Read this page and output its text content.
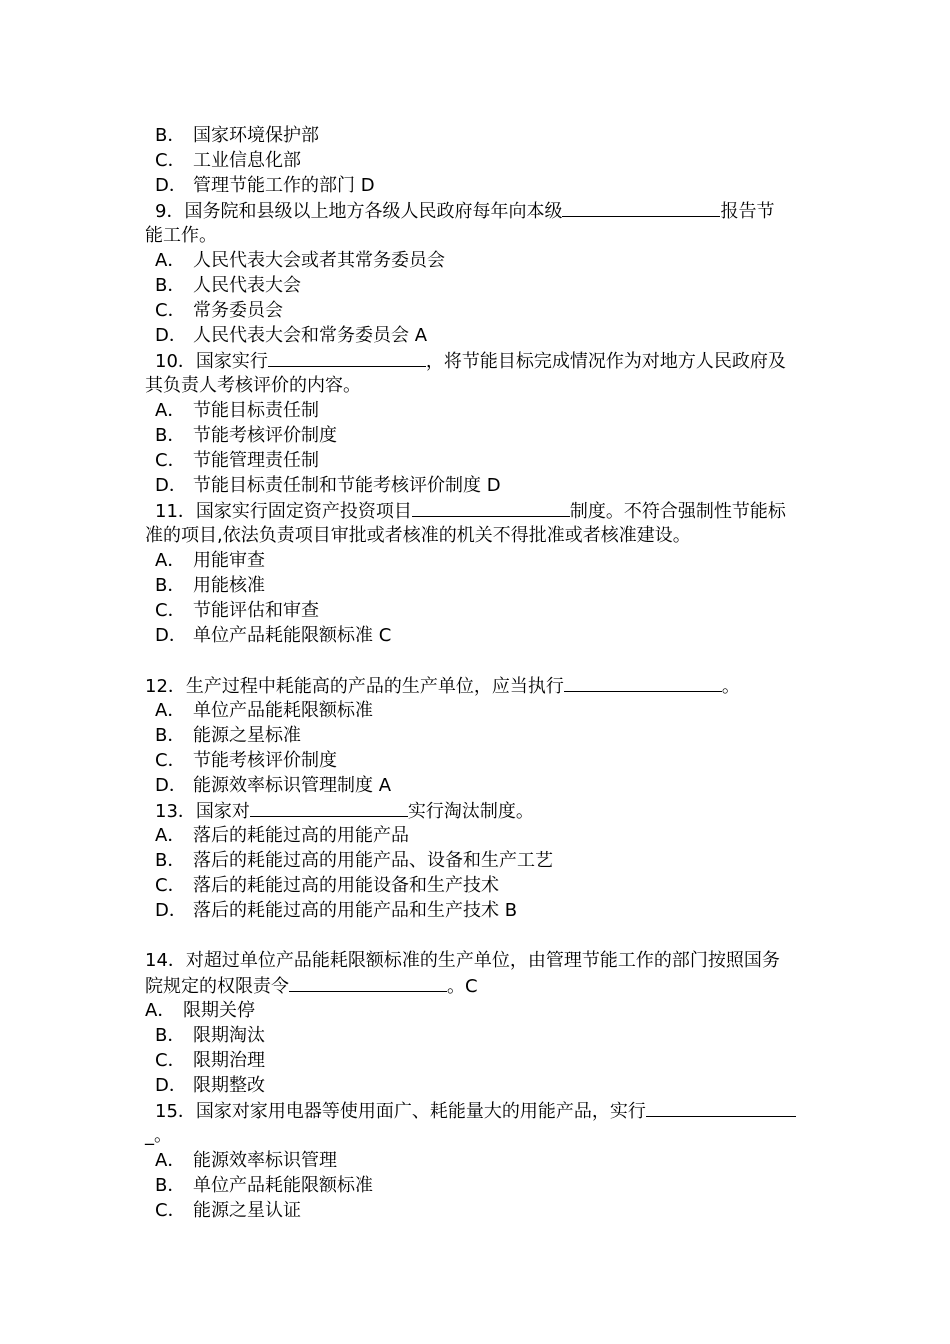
B． 国家环境保护部
C． 工业信息化部
D． 管理节能工作的部门 D
9．国务院和县级以上地方各级人民政府每年向本级	报告节
能工作。
A． 人民代表大会或者其常务委员会
B． 人民代表大会
C． 常务委员会
D． 人民代表大会和常务委员会 A
10．国家实行	，将节能目标完成情况作为对地方人民政府及
其负责人考核评价的内容。
A． 节能目标责任制
B． 节能考核评价制度
C． 节能管理责任制
D． 节能目标责任制和节能考核评价制度 D
11．国家实行固定资产投资项目	制度。不符合强制性节能标
准的项目,依法负责项目审批或者核准的机关不得批准或者核准建设。
A． 用能审查
B． 用能核准
C． 节能评估和审查
D． 单位产品耗能限额标准 C
12．生产过程中耗能高的产品的生产单位，应当执行	。
A． 单位产品能耗限额标准
B． 能源之星标准
C． 节能考核评价制度
D． 能源效率标识管理制度 A
13．国家对	实行淘汰制度。
A． 落后的耗能过高的用能产品
B． 落后的耗能过高的用能产品、设备和生产工艺
C． 落后的耗能过高的用能设备和生产技术
D． 落后的耗能过高的用能产品和生产技术 B
14．对超过单位产品能耗限额标准的生产单位，由管理节能工作的部门按照国务
院规定的权限责令	。C
A． 限期关停
B． 限期淘汰
C． 限期治理
D． 限期整改
15．国家对家用电器等使用面广、耗能量大的用能产品，实行
_。
A． 能源效率标识管理
B． 单位产品耗能限额标准
C． 能源之星认证
